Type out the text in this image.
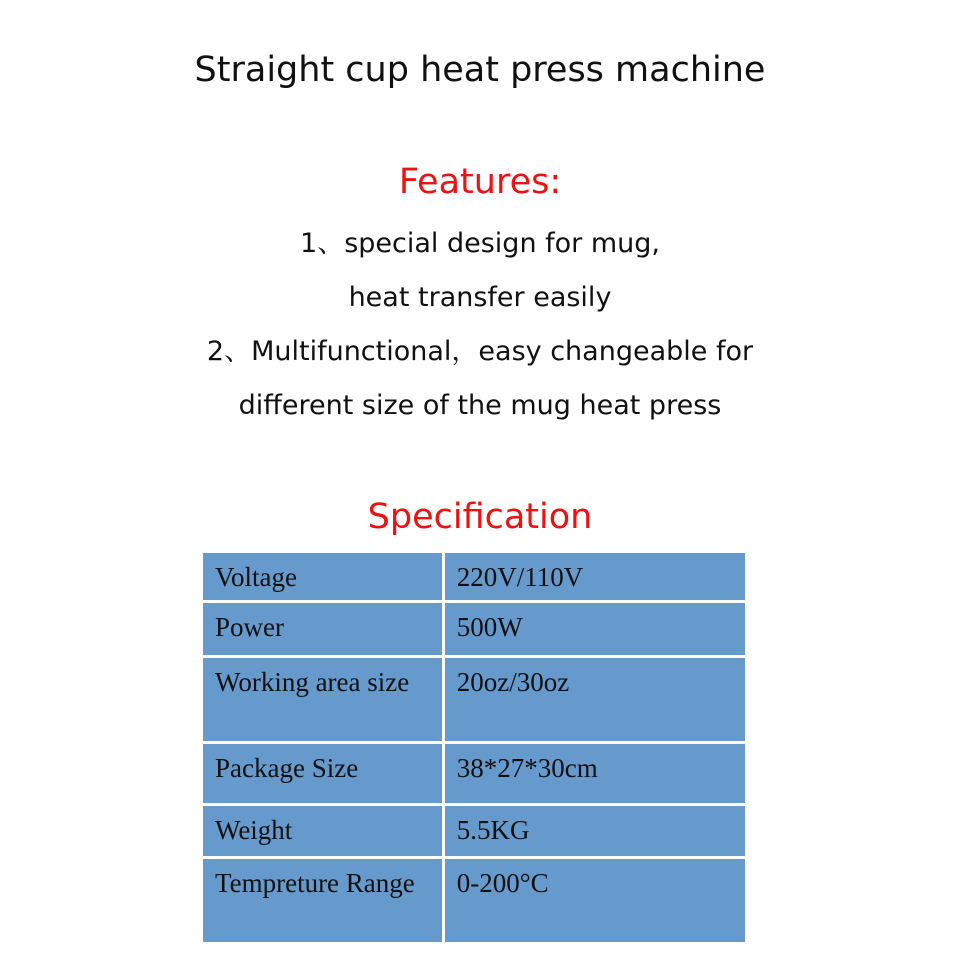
Straight cup heat press machine
Features:
1、special design for mug,
heat transfer easily
2、Multifunctional，easy changeable for
different size of the mug heat press
Specification
Voltage	220V/110V
Power	500W
Working area size	20oz/30oz
Package Size	38*27*30cm
Weight	5.5KG
Tempreture Range	0-200°C
